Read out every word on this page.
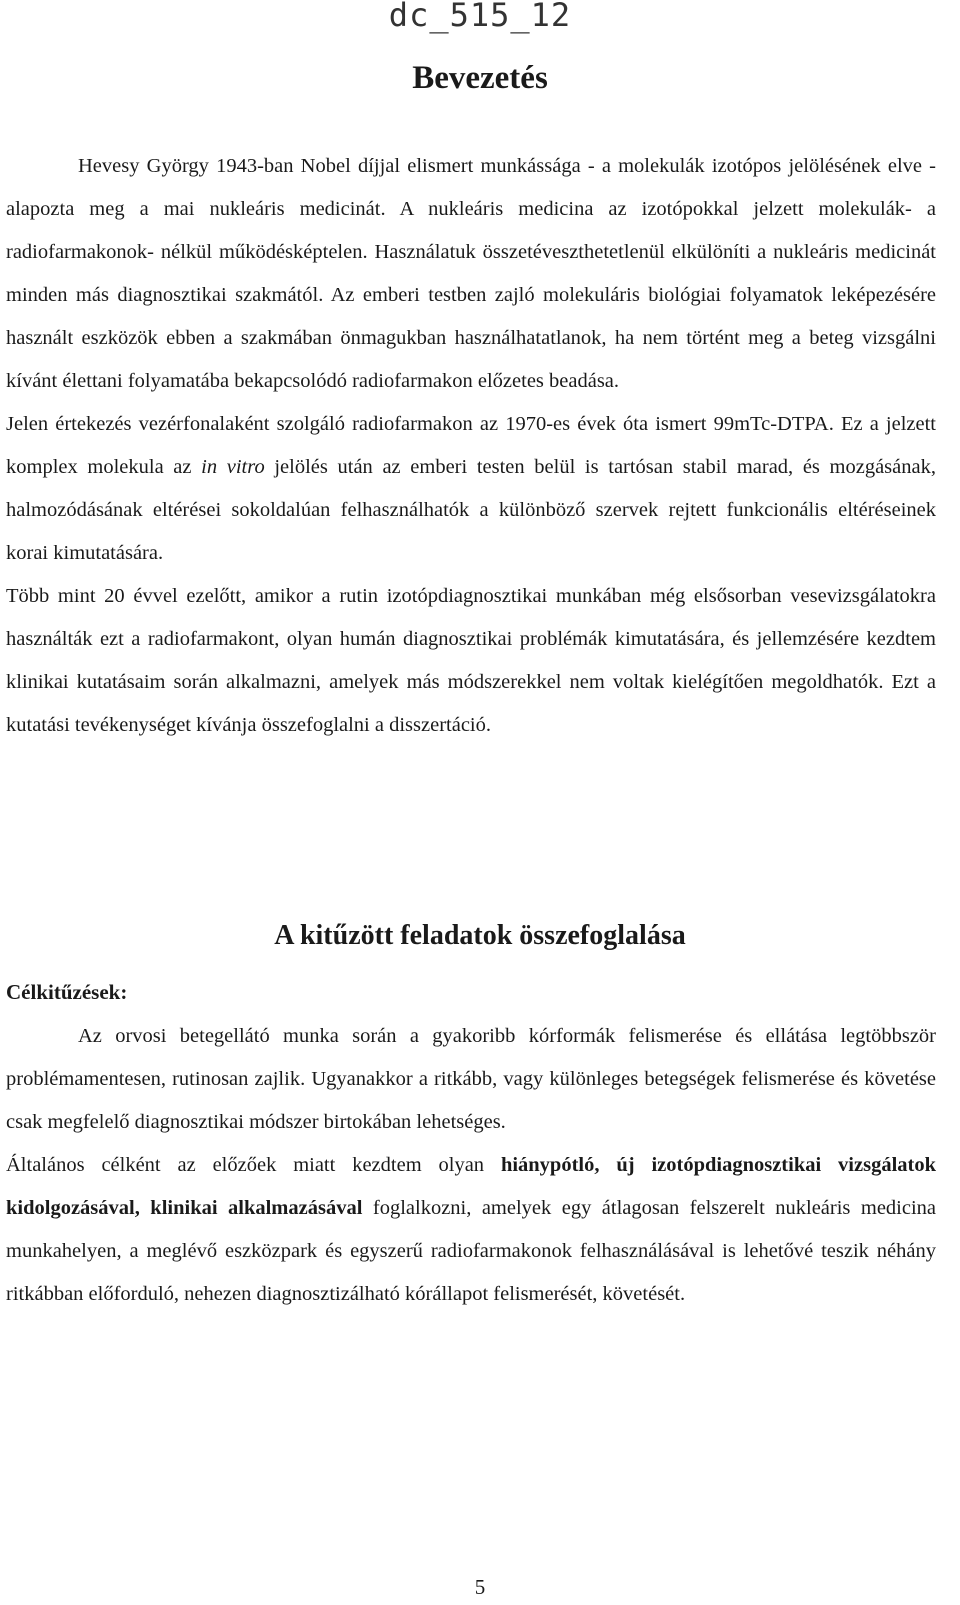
dc_515_12
Bevezetés

Hevesy György 1943-ban Nobel díjjal elismert munkássága - a molekulák izotópos jelölésének elve - alapozta meg a mai nukleáris medicinát. A nukleáris medicina az izotópokkal jelzett molekulák- a radiofarmakonok- nélkül működésképtelen. Használatuk összetéveszthetetlenül elkülöníti a nukleáris medicinát minden más diagnosztikai szakmától. Az emberi testben zajló molekuláris biológiai folyamatok leképezésére használt eszközök ebben a szakmában önmagukban használhatatlanok, ha nem történt meg a beteg vizsgálni kívánt élettani folyamatába bekapcsolódó radiofarmakon előzetes beadása.

Jelen értekezés vezérfonalaként szolgáló radiofarmakon az 1970-es évek óta ismert 99mTc-DTPA. Ez a jelzett komplex molekula az in vitro jelölés után az emberi testen belül is tartósan stabil marad, és mozgásának, halmozódásának eltérései sokoldalúan felhasználhatók a különböző szervek rejtett funkcionális eltéréseinek korai kimutatására.

Több mint 20 évvel ezelőtt, amikor a rutin izotópdiagnosztikai munkában még elsősorban vesevizsgálatokra használták ezt a radiofarmakont, olyan humán diagnosztikai problémák kimutatására, és jellemzésére kezdtem klinikai kutatásaim során alkalmazni, amelyek más módszerekkel nem voltak kielégítően megoldhatók. Ezt a kutatási tevékenységet kívánja összefoglalni a disszertáció.

A kitűzött feladatok összefoglalása
Célkitűzések:

Az orvosi betegellátó munka során a gyakoribb kórformák felismerése és ellátása legtöbbször problémamentesen, rutinosan zajlik. Ugyanakkor a ritkább, vagy különleges betegségek felismerése és követése csak megfelelő diagnosztikai módszer birtokában lehetséges.

Általános célként az előzőek miatt kezdtem olyan hiánypótló, új izotópdiagnosztikai vizsgálatok kidolgozásával, klinikai alkalmazásával foglalkozni, amelyek egy átlagosan felszerelt nukleáris medicina munkahelyen, a meglévő eszközpark és egyszerű radiofarmakonok felhasználásával is lehetővé teszik néhány ritkábban előforduló, nehezen diagnosztizálható kórállapot felismerését, követését.

5
